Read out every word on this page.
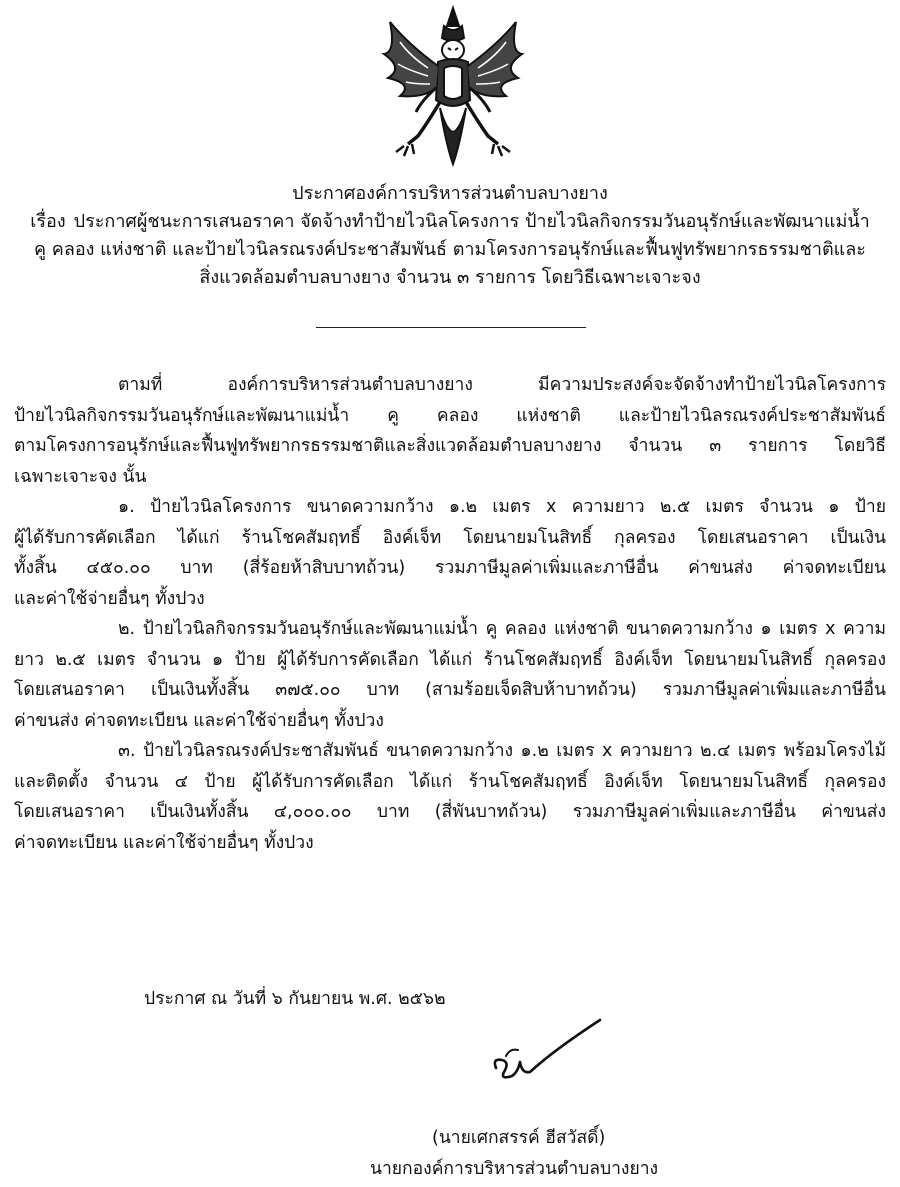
ประกาศองค์การบริหารส่วนตำบลบางยาง
เรื่อง ประกาศผู้ชนะการเสนอราคา จัดจ้างทำป้ายไวนิลโครงการ ป้ายไวนิลกิจกรรมวันอนุรักษ์และพัฒนาแม่น้ำ
คู คลอง แห่งชาติ และป้ายไวนิลรณรงค์ประชาสัมพันธ์ ตามโครงการอนุรักษ์และฟื้นฟูทรัพยากรธรรมชาติและ
สิ่งแวดล้อมตำบลบางยาง จำนวน ๓ รายการ โดยวิธีเฉพาะเจาะจง
ตามที่ องค์การบริหารส่วนตำบลบางยาง มีความประสงค์จะจัดจ้างทำป้ายไวนิลโครงการ
ป้ายไวนิลกิจกรรมวันอนุรักษ์และพัฒนาแม่น้ำ คู คลอง แห่งชาติ และป้ายไวนิลรณรงค์ประชาสัมพันธ์
ตามโครงการอนุรักษ์และฟื้นฟูทรัพยากรธรรมชาติและสิ่งแวดล้อมตำบลบางยาง จำนวน ๓ รายการ โดยวิธี
เฉพาะเจาะจง นั้น
๑. ป้ายไวนิลโครงการ ขนาดความกว้าง ๑.๒ เมตร x ความยาว ๒.๕ เมตร จำนวน ๑ ป้าย
ผู้ได้รับการคัดเลือก ได้แก่ ร้านโชคสัมฤทธิ์ อิงค์เจ็ท โดยนายมโนสิทธิ์ กุลครอง โดยเสนอราคา เป็นเงิน
ทั้งสิ้น ๔๕๐.๐๐ บาท (สี่ร้อยห้าสิบบาทถ้วน) รวมภาษีมูลค่าเพิ่มและภาษีอื่น ค่าขนส่ง ค่าจดทะเบียน
และค่าใช้จ่ายอื่นๆ ทั้งปวง
๒. ป้ายไวนิลกิจกรรมวันอนุรักษ์และพัฒนาแม่น้ำ คู คลอง แห่งชาติ ขนาดความกว้าง ๑ เมตร x ความ
ยาว ๒.๕ เมตร จำนวน ๑ ป้าย ผู้ได้รับการคัดเลือก ได้แก่ ร้านโชคสัมฤทธิ์ อิงค์เจ็ท โดยนายมโนสิทธิ์ กุลครอง
โดยเสนอราคา เป็นเงินทั้งสิ้น ๓๗๕.๐๐ บาท (สามร้อยเจ็ดสิบห้าบาทถ้วน) รวมภาษีมูลค่าเพิ่มและภาษีอื่น
ค่าขนส่ง ค่าจดทะเบียน และค่าใช้จ่ายอื่นๆ ทั้งปวง
๓. ป้ายไวนิลรณรงค์ประชาสัมพันธ์ ขนาดความกว้าง ๑.๒ เมตร x ความยาว ๒.๔ เมตร พร้อมโครงไม้
และติดตั้ง จำนวน ๔ ป้าย ผู้ได้รับการคัดเลือก ได้แก่ ร้านโชคสัมฤทธิ์ อิงค์เจ็ท โดยนายมโนสิทธิ์ กุลครอง
โดยเสนอราคา เป็นเงินทั้งสิ้น ๔,๐๐๐.๐๐ บาท (สี่พันบาทถ้วน) รวมภาษีมูลค่าเพิ่มและภาษีอื่น ค่าขนส่ง
ค่าจดทะเบียน และค่าใช้จ่ายอื่นๆ ทั้งปวง
ประกาศ ณ วันที่ ๖ กันยายน พ.ศ. ๒๕๖๒
(นายเศกสรรค์ ฮีสวัสดิ์)
นายกองค์การบริหารส่วนตำบลบางยาง
